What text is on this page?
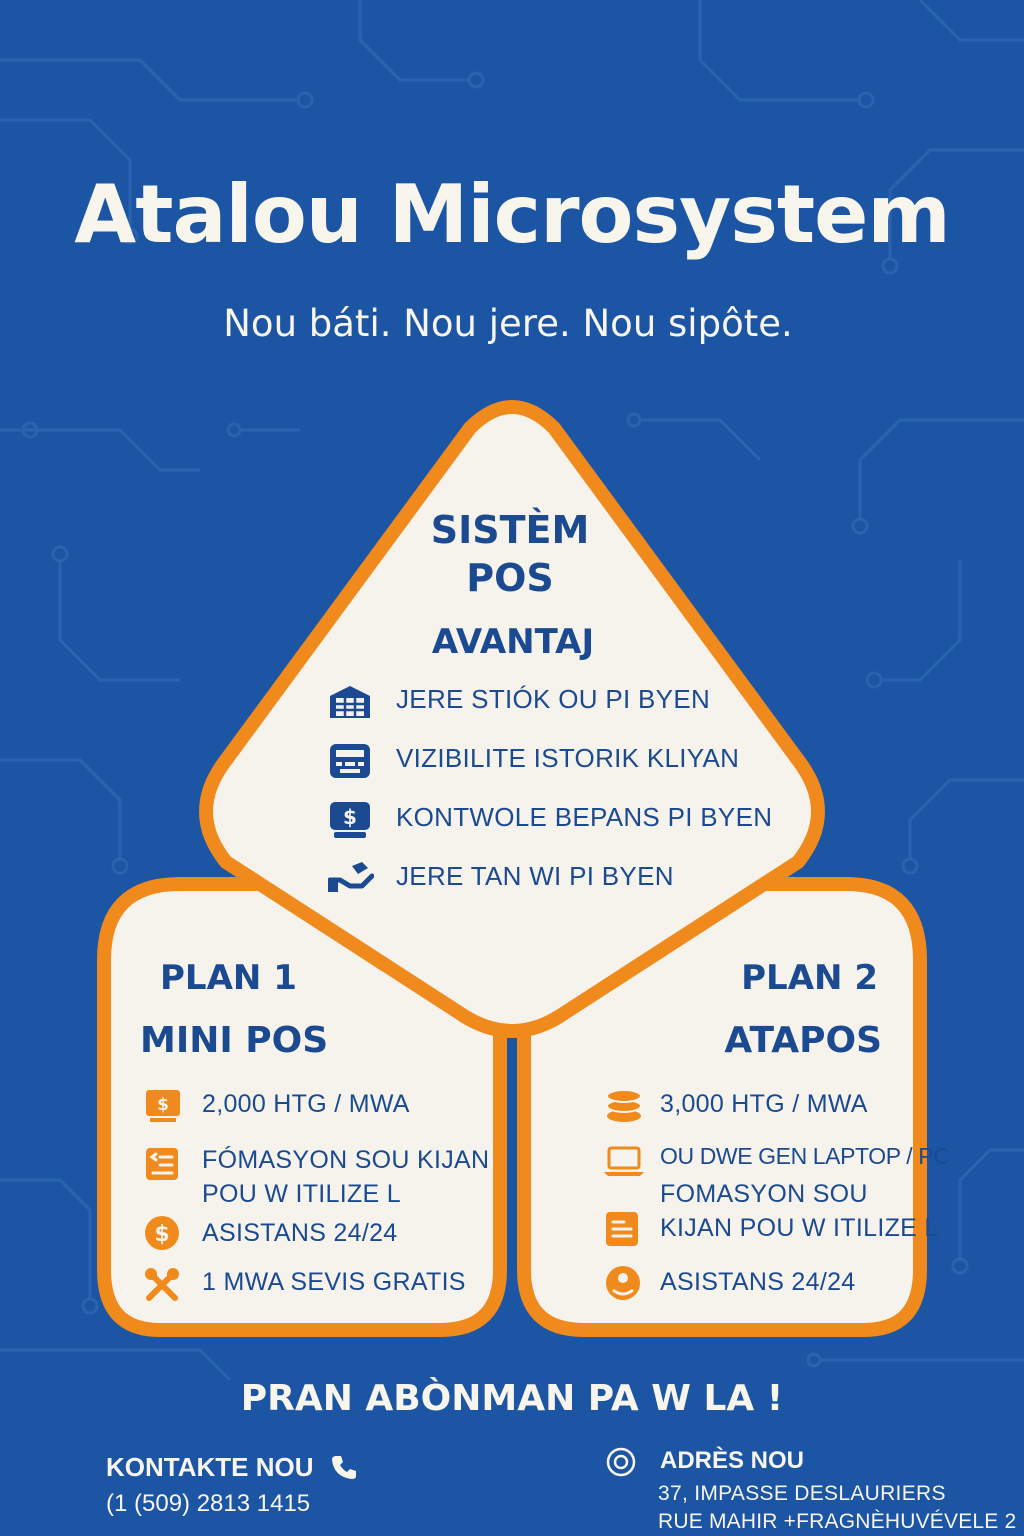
Atalou Microsystem
Nou báti. Nou jere. Nou sipôte.
SISTÈM
POS
AVANTAJ
JERE STIÓK OU PI BYEN
VIZIBILITE ISTORIK KLIYAN
$ KONTWOLE BEPANS PI BYEN
JERE TAN WI PI BYEN
PLAN 1
MINI POS
$ 2,000 HTG / MWA
FÓMASYON SOU KIJAN
POU W ITILIZE L
$ ASISTANS 24/24
1 MWA SEVIS GRATIS
PLAN 2
ATAPOS
3,000 HTG / MWA
OU DWE GEN LAPTOP / PC
FOMASYON SOU
KIJAN POU W ITILIZE L
ASISTANS 24/24
PRAN ABÒNMAN PA W LA !
KONTAKTE NOU
(1 (509) 2813 1415
ADRÈS NOU
37, IMPASSE DESLAURIERS
RUE MAHIR +FRAGNÈHUVÉVELE 2
